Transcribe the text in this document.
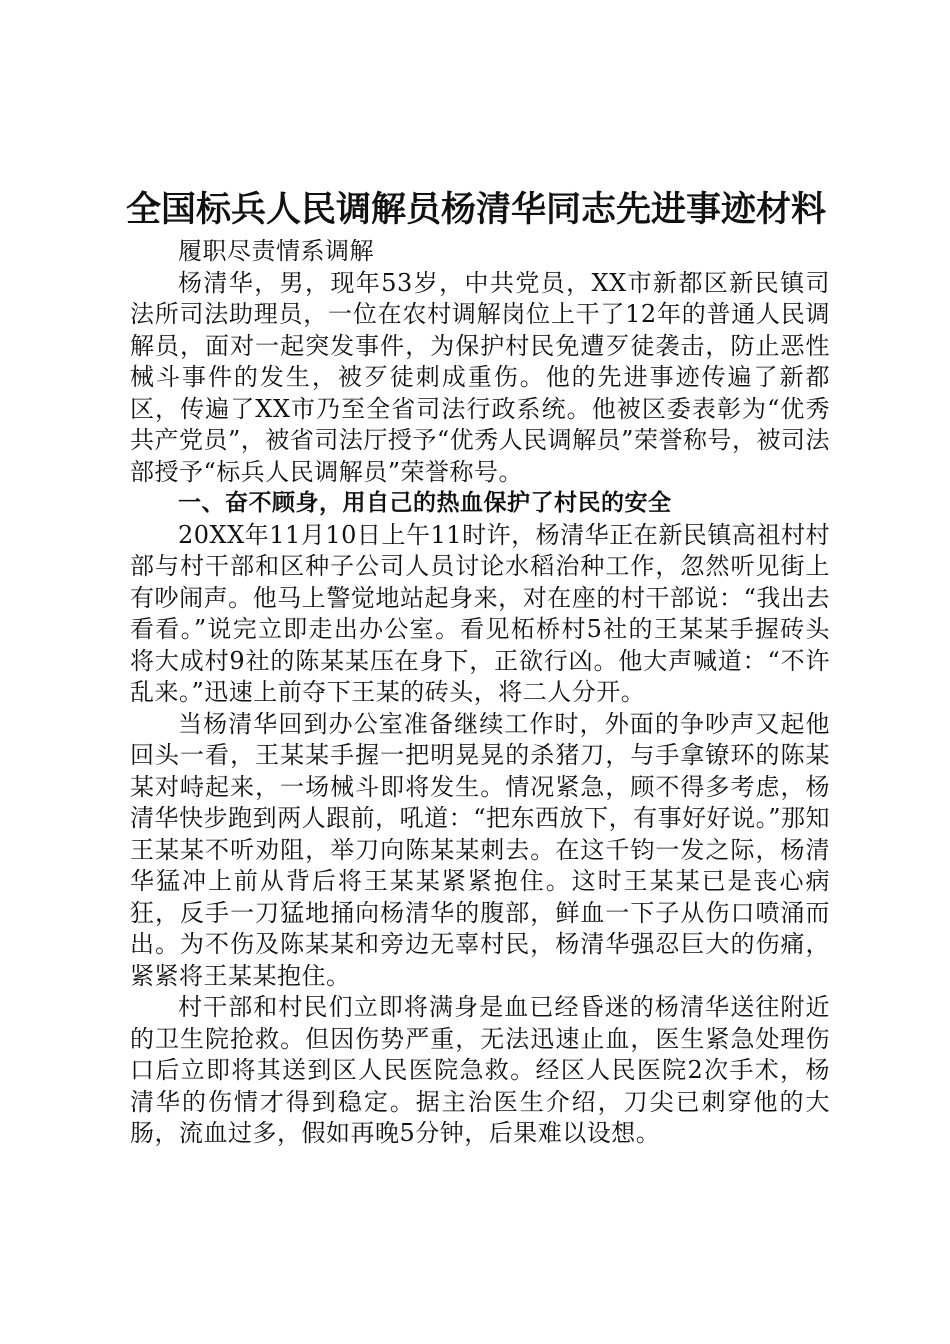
全国标兵人民调解员杨清华同志先进事迹材料

履职尽责情系调解

杨清华，男，现年53岁，中共党员，XX市新都区新民镇司法所司法助理员，一位在农村调解岗位上干了12年的普通人民调解员，面对一起突发事件，为保护村民免遭歹徒袭击，防止恶性械斗事件的发生，被歹徒刺成重伤。他的先进事迹传遍了新都区，传遍了XX市乃至全省司法行政系统。他被区委表彰为“优秀共产党员”，被省司法厅授予“优秀人民调解员”荣誉称号，被司法部授予“标兵人民调解员”荣誉称号。

一、奋不顾身，用自己的热血保护了村民的安全

20XX年11月10日上午11时许，杨清华正在新民镇高祖村村部与村干部和区种子公司人员讨论水稻治种工作，忽然听见街上有吵闹声。他马上警觉地站起身来，对在座的村干部说：“我出去看看。”说完立即走出办公室。看见柘桥村5社的王某某手握砖头将大成村9社的陈某某压在身下，正欲行凶。他大声喊道：“不许乱来。”迅速上前夺下王某的砖头，将二人分开。

当杨清华回到办公室准备继续工作时，外面的争吵声又起他回头一看，王某某手握一把明晃晃的杀猪刀，与手拿镣环的陈某某对峙起来，一场械斗即将发生。情况紧急，顾不得多考虑，杨清华快步跑到两人跟前，吼道：“把东西放下，有事好好说。”那知王某某不听劝阻，举刀向陈某某刺去。在这千钧一发之际，杨清华猛冲上前从背后将王某某紧紧抱住。这时王某某已是丧心病狂，反手一刀猛地捅向杨清华的腹部，鲜血一下子从伤口喷涌而出。为不伤及陈某某和旁边无辜村民，杨清华强忍巨大的伤痛，紧紧将王某某抱住。

村干部和村民们立即将满身是血已经昏迷的杨清华送往附近的卫生院抢救。但因伤势严重，无法迅速止血，医生紧急处理伤口后立即将其送到区人民医院急救。经区人民医院2次手术，杨清华的伤情才得到稳定。据主治医生介绍，刀尖已刺穿他的大肠，流血过多，假如再晚5分钟，后果难以设想。
